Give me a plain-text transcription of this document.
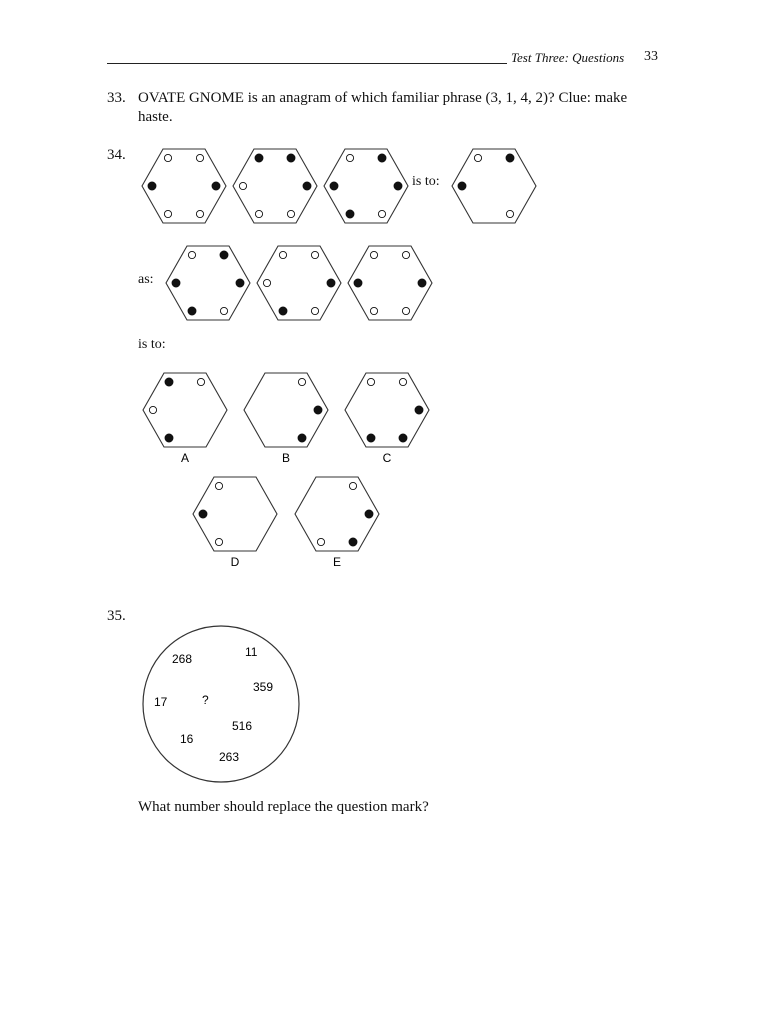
Test Three: Questions 33
33. OVATE GNOME is an anagram of which familiar phrase (3, 1, 4, 2)? Clue: make
haste.
34.
is to:
as:
is to:
35.
What number should replace the question mark?
268	11
359
17	?
516
16
263
A	B	C
D	E
